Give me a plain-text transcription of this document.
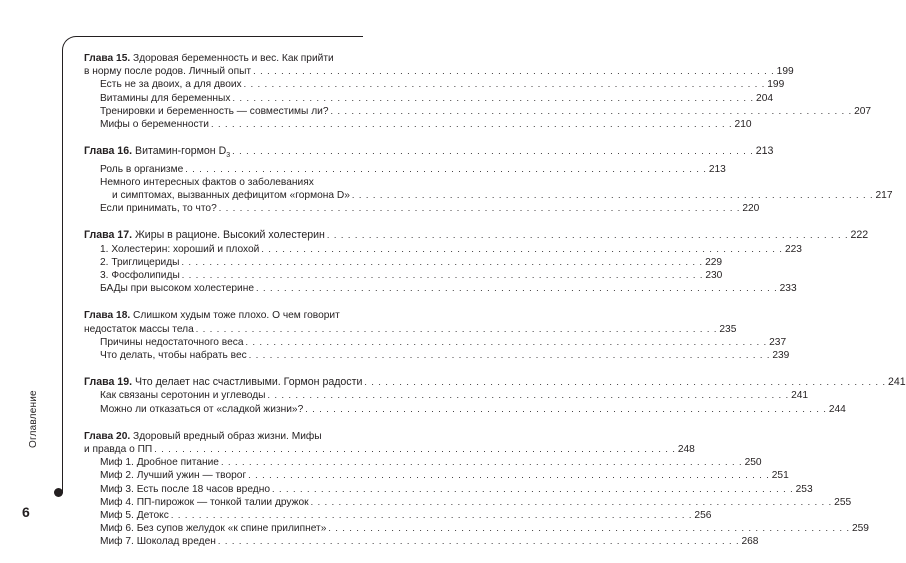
Оглавление
6
Глава 15. Здоровая беременность и вес. Как прийти
в норму после родов. Личный опыт . . .	199
Есть не за двоих, а для двоих . . .	199
Витамины для беременных . . .	204
Тренировки и беременность — совместимы ли? . . .	207
Мифы о беременности . . .	210
Глава 16. Витамин-гормон $D_3$ . . .	213
Роль в организме . . .	213
Немного интересных фактов о заболеваниях
и симптомах, вызванных дефицитом «гормона D» . . .	217
Если принимать, то что? . . .	220
Глава 17. Жиры в рационе. Высокий холестерин . . .	222
1. Холестерин: хороший и плохой . . .	223
2. Триглицериды . . .	229
3. Фосфолипиды . . .	230
БАДы при высоком холестерине . . .	233
Глава 18. Слишком худым тоже плохо. О чем говорит
недостаток массы тела . . .	235
Причины недостаточного веса . . .	237
Что делать, чтобы набрать вес . . .	239
Глава 19. Что делает нас счастливыми. Гормон радости . . .	241
Как связаны серотонин и углеводы . . .	241
Можно ли отказаться от «сладкой жизни»? . . .	244
Глава 20. Здоровый вредный образ жизни. Мифы
и правда о ПП . . .	248
Миф 1. Дробное питание . . .	250
Миф 2. Лучший ужин — творог . . .	251
Миф 3. Есть после 18 часов вредно . . .	253
Миф 4. ПП-пирожок — тонкой талии дружок . . .	255
Миф 5. Детокс . . .	256
Миф 6. Без супов желудок «к спине прилипнет» . . .	259
Миф 7. Шоколад вреден . . .	268
